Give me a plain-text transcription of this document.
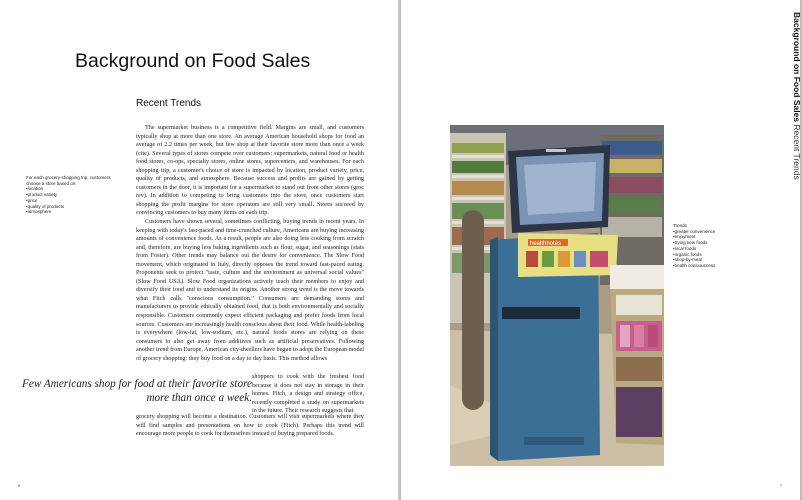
Background on Food Sales
Recent Trends
For each grocery-shopping trip, customers choose a store based on:
• location
• product variety
• price
• quality of products
• atmosphere

The supermarket business is a competitive field. Margins are small, and customers typically shop at more than one store. An average American household shops for food an average of 2.2 times per week, but few shop at their favorite store more than once a week (cite). Several types of stores compete over customers: supermarkets, natural food or health food stores, co-ops, specialty stores, online stores, supercenters, and warehouses. For each shopping trip, a customer's choice of store is impacted by location, product variety, price, quality of products, and atmosphere. Because success and profits are gained by getting customers in the door, it is important for a supermarket to stand out from other stores (groc rev). In addition to competing to bring customers into the store, once customers start shopping the profit margins for store operators are still very small. Stores succeed by convincing customers to buy many items on each trip.

Customers have shown several, sometimes conflicting, buying trends in recent years. In keeping with today's fast-paced and time-crunched culture, Americans are buying increasing amounts of convenience foods. As a result, people are also doing less cooking from scratch and, therefore, are buying less baking ingredients such as flour, sugar, and seasonings (stats from Foster). Other trends may balance out the desire for convenience. The Slow Food movement, which originated in Italy, directly opposes the trend toward fast-paced eating. Proponents seek to protect "taste, culture and the environment as universal social values" (Slow Food USA). Slow Food organizations actively teach their members to enjoy and diversify their food and to understand its origins. Another strong trend is the move towards what Fitch calls "conscious consumption." Consumers are demanding stores and manufacturers to provide ethically obtained food, that is both environmentally and socially responsible. Customers commonly expect efficient packaging and prefer foods from local sources. Customers are increasingly health conscious about their food. While health-labeling is everywhere (low-fat, low-sodium, etc.), natural foods stores are relying on these consumers to also get away from additives such as artificial preservatives. Following another trend from Europe, American city-dwellers have begun to adopt the European model of grocery shopping: they buy food on a day to day basis. This method allows

Few Americans shop for food at their favorite store more than once a week.
shoppers to cook with the freshest food because it does not stay in storage in their homes. Fitch, a design and strategy office, recently completed a study on supermarkets in the future. Their research suggests that
grocery shopping will become a destination. Customers will visit supermarkets where they will find samples and presentations on how to cook (Fitch). Perhaps this trend will encourage more people to cook for themselves instead of buying prepared foods.
6
Background on Food Sales Recent Trends
healthnotes
Trends
• greater convenience
• enjoyment
• trying new foods
• local foods
• organic foods
• shop-by-meal
• health consiousness
7
